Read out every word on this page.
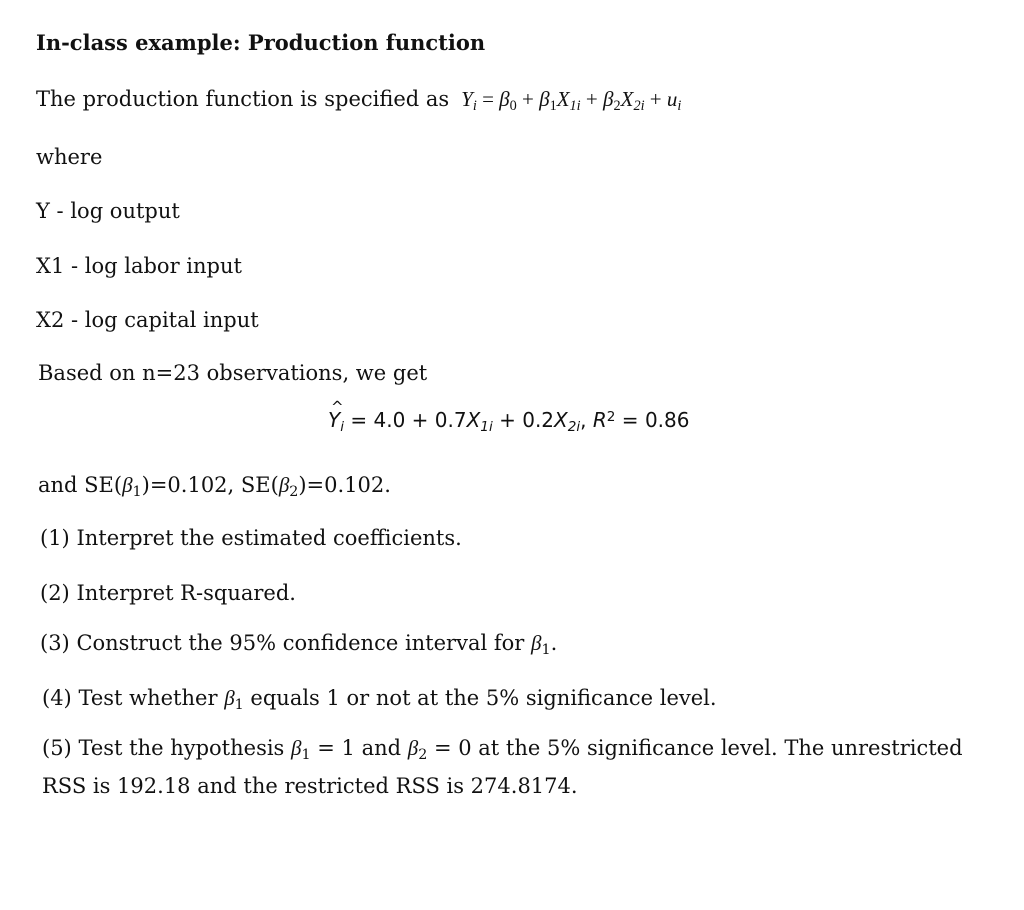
In-class example: Production function
The production function is specified as  $Y_i = \beta_0 + \beta_1X_{1i} + \beta_2X_{2i} + u_i$
where
Y - log output
X1 - log labor input
X2 - log capital input
Based on n=23 observations, we get
^ $Y_i = 4.0 + 0.7X_{1i} + 0.2X_{2i}$, $R^2 = 0.86$
and $SE(\beta_1)=0.102$, $SE(\beta_2)=0.102$.
(1) Interpret the estimated coefficients.
(2) Interpret R-squared.
(3) Construct the 95% confidence interval for $\beta_1$.
(4) Test whether $\beta_1$ equals 1 or not at the 5% significance level.
(5) Test the hypothesis $\beta_1 = 1$ and $\beta_2 = 0$ at the 5% significance level. The unrestricted
RSS is 192.18 and the restricted RSS is 274.8174.
